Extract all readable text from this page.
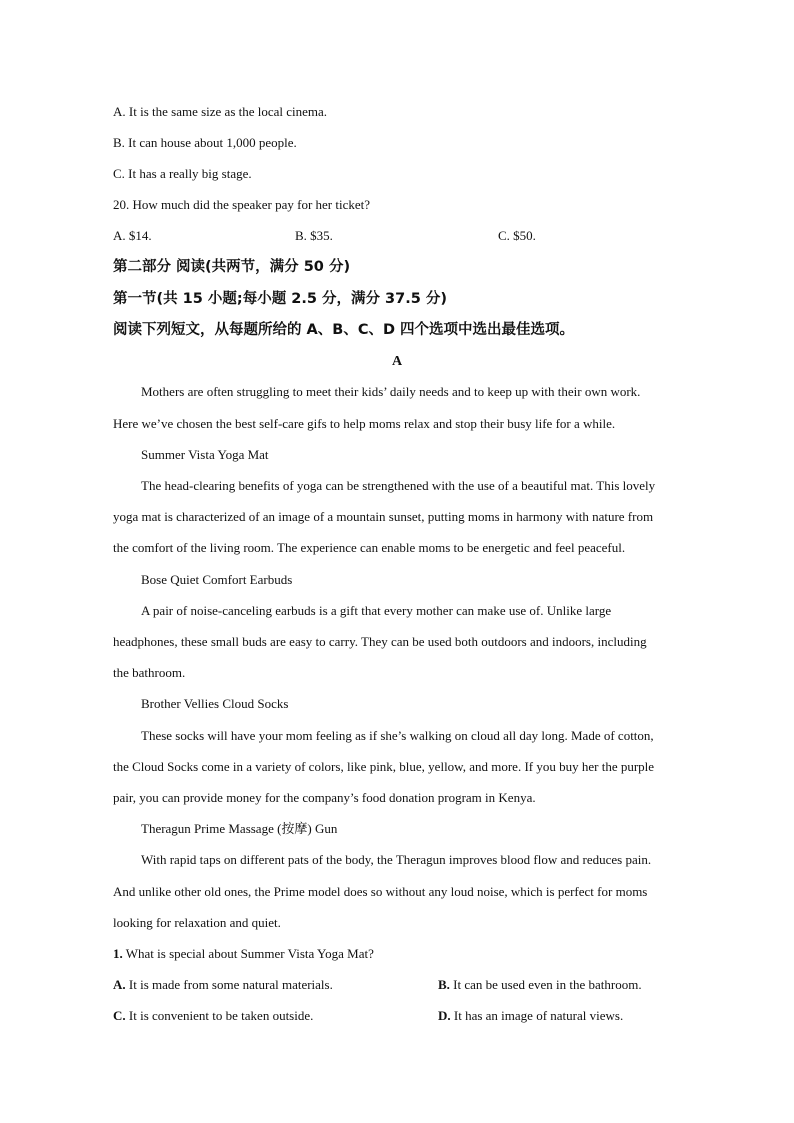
A. It is the same size as the local cinema.
B. It can house about 1,000 people.
C. It has a really big stage.
20. How much did the speaker pay for her ticket?
A. $14.	B. $35.	C. $50.
第二部分 阅读(共两节，满分 50 分)
第一节(共 15 小题;每小题 2.5 分，满分 37.5 分)
阅读下列短文，从每题所给的 A、B、C、D 四个选项中选出最佳选项。
A
Mothers are often struggling to meet their kids’ daily needs and to keep up with their own work.
Here we’ve chosen the best self-care gifs to help moms relax and stop their busy life for a while.
Summer Vista Yoga Mat
The head-clearing benefits of yoga can be strengthened with the use of a beautiful mat. This lovely
yoga mat is characterized of an image of a mountain sunset, putting moms in harmony with nature from
the comfort of the living room. The experience can enable moms to be energetic and feel peaceful.
Bose Quiet Comfort Earbuds
A pair of noise-canceling earbuds is a gift that every mother can make use of. Unlike large
headphones, these small buds are easy to carry. They can be used both outdoors and indoors, including
the bathroom.
Brother Vellies Cloud Socks
These socks will have your mom feeling as if she’s walking on cloud all day long. Made of cotton,
the Cloud Socks come in a variety of colors, like pink, blue, yellow, and more. If you buy her the purple
pair, you can provide money for the company’s food donation program in Kenya.
Theragun Prime Massage (按摩) Gun
With rapid taps on different pats of the body, the Theragun improves blood flow and reduces pain.
And unlike other old ones, the Prime model does so without any loud noise, which is perfect for moms
looking for relaxation and quiet.
1. What is special about Summer Vista Yoga Mat?
A. It is made from some natural materials.	B. It can be used even in the bathroom.
C. It is convenient to be taken outside.	D. It has an image of natural views.
